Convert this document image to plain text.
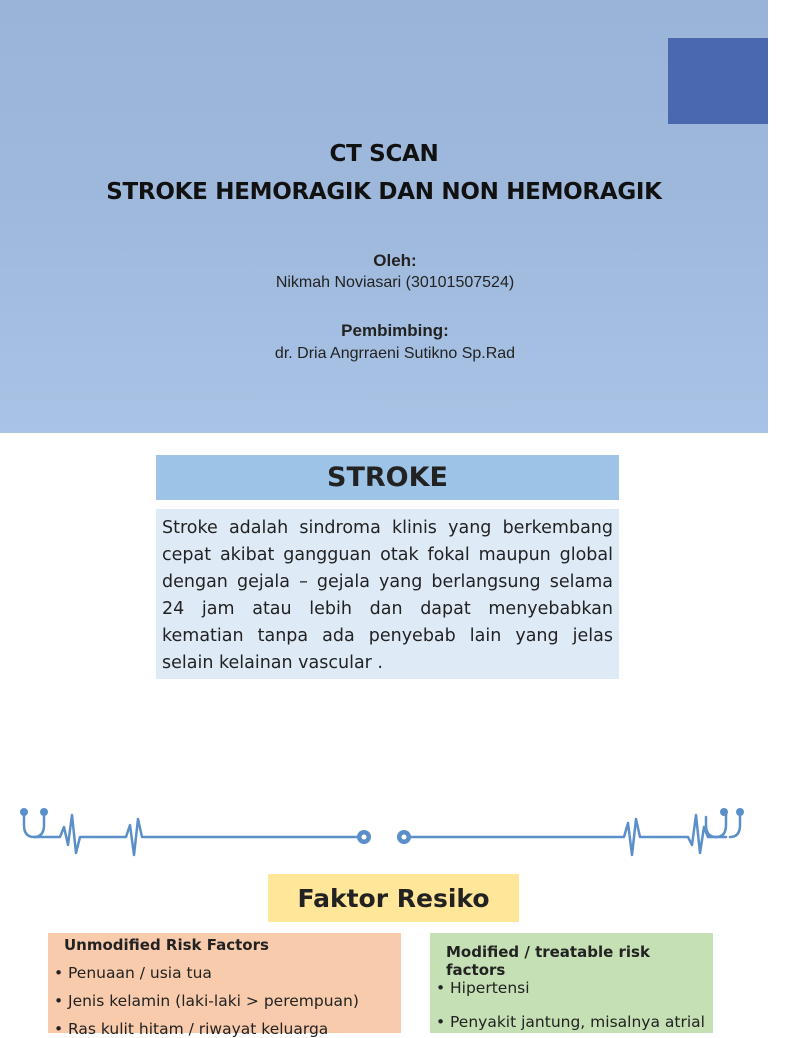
CT SCAN
STROKE HEMORAGIK DAN NON HEMORAGIK
Oleh:
Nikmah Noviasari (30101507524)
Pembimbing:
dr. Dria Angrraeni Sutikno Sp.Rad
STROKE
Stroke adalah sindroma klinis yang berkembang cepat akibat gangguan otak fokal maupun global dengan gejala – gejala yang berlangsung selama 24 jam atau lebih dan dapat menyebabkan kematian tanpa ada penyebab lain yang jelas selain kelainan vascular .
Faktor Resiko
Unmodified Risk Factors
• Penuaan / usia tua
• Jenis kelamin (laki-laki > perempuan)
• Ras kulit hitam / riwayat keluarga
Modified / treatable risk factors
• Hipertensi
• Penyakit jantung, misalnya atrial
